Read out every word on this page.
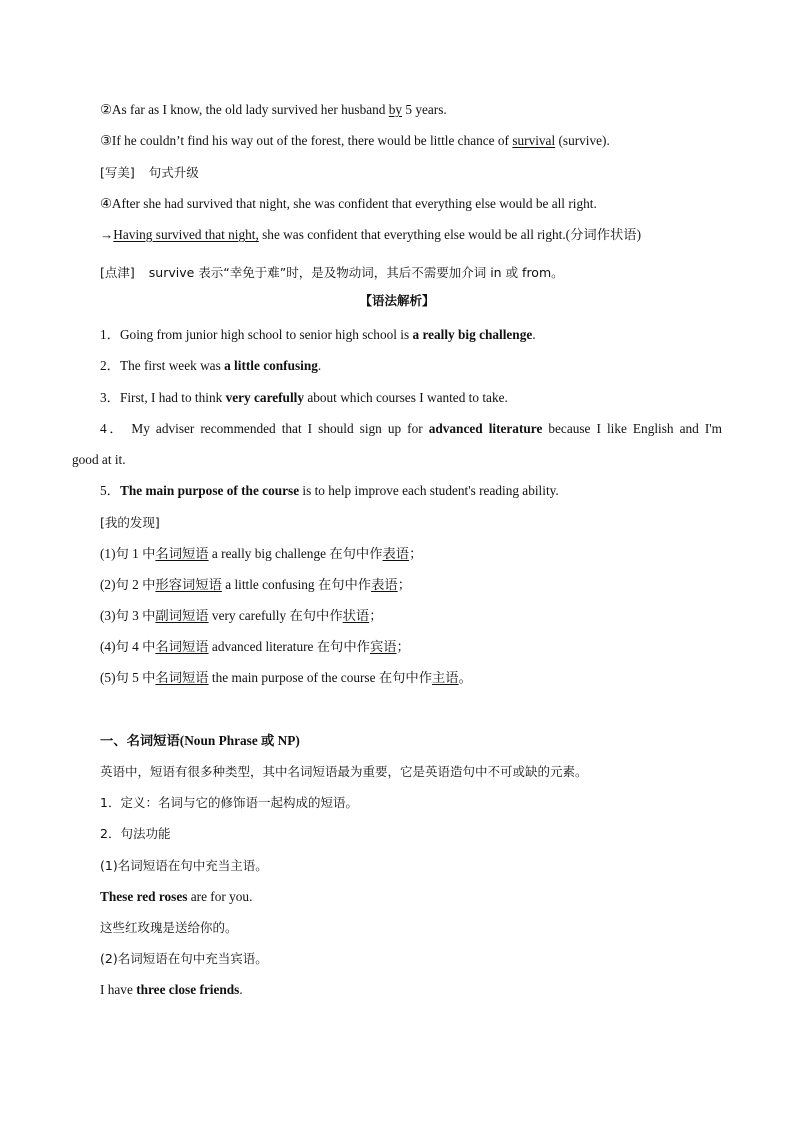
②As far as I know, the old lady survived her husband by 5 years.
③If he couldn’t find his way out of the forest, there would be little chance of survival (survive).
[写美] 句式升级
④After she had survived that night, she was confident that everything else would be all right.
→Having survived that night, she was confident that everything else would be all right.(分词作状语)
[点津] survive 表示“幸免于难”时，是及物动词，其后不需要加介词 in 或 from。
【语法解析】
1．Going from junior high school to senior high school is a really big challenge.
2．The first week was a little confusing.
3．First, I had to think very carefully about which courses I wanted to take.
4． My adviser recommended that I should sign up for advanced literature because I like English and I'm
good at it.
5．The main purpose of the course is to help improve each student's reading ability.
[我的发现]
(1)句 1 中名词短语 a really big challenge 在句中作表语；
(2)句 2 中形容词短语 a little confusing 在句中作表语；
(3)句 3 中副词短语 very carefully 在句中作状语；
(4)句 4 中名词短语 advanced literature 在句中作宾语；
(5)句 5 中名词短语 the main purpose of the course 在句中作主语。
一、名词短语(Noun Phrase 或 NP)
英语中，短语有很多种类型，其中名词短语最为重要，它是英语造句中不可或缺的元素。
1．定义：名词与它的修饰语一起构成的短语。
2．句法功能
(1)名词短语在句中充当主语。
These red roses are for you.
这些红玫瑰是送给你的。
(2)名词短语在句中充当宾语。
I have three close friends.
